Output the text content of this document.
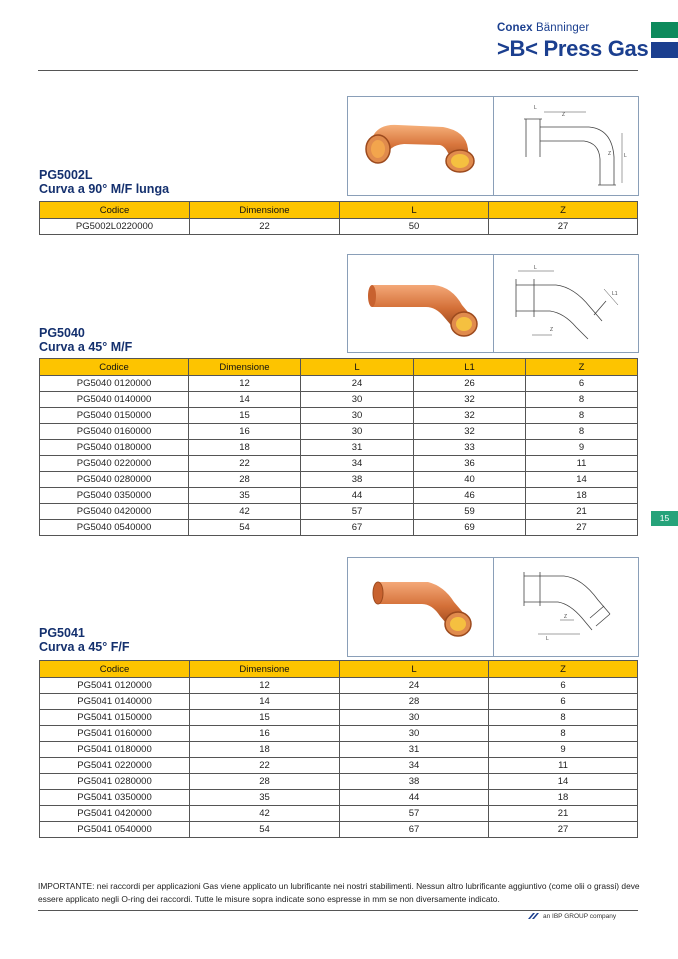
Conex Bänninger
>B< Press Gas
L
Z
L
Z
PG5002L
Curva a 90° M/F lunga
Codice	Dimensione	L	Z
PG5002L0220000	22	50	27
L
L1
Z
PG5040
Curva a 45° M/F
Codice	Dimensione	L	L1	Z
PG5040 0120000	12	24	26	6
PG5040 0140000	14	30	32	8
PG5040 0150000	15	30	32	8
PG5040 0160000	16	30	32	8
PG5040 0180000	18	31	33	9
PG5040 0220000	22	34	36	11
PG5040 0280000	28	38	40	14
PG5040 0350000	35	44	46	18
PG5040 0420000	42	57	59	21
PG5040 0540000	54	67	69	27
Z
L
PG5041
Curva a 45° F/F
Codice	Dimensione	L	Z
PG5041 0120000	12	24	6
PG5041 0140000	14	28	6
PG5041 0150000	15	30	8
PG5041 0160000	16	30	8
PG5041 0180000	18	31	9
PG5041 0220000	22	34	11
PG5041 0280000	28	38	14
PG5041 0350000	35	44	18
PG5041 0420000	42	57	21
PG5041 0540000	54	67	27
15
IMPORTANTE: nei raccordi per applicazioni Gas viene applicato un lubrificante nei nostri stabilimenti. Nessun altro lubrificante aggiuntivo (come olii o grassi) deve essere applicato negli O-ring dei raccordi. Tutte le misure sopra indicate sono espresse in mm se non diversamente indicato.
an IBP GROUP company
